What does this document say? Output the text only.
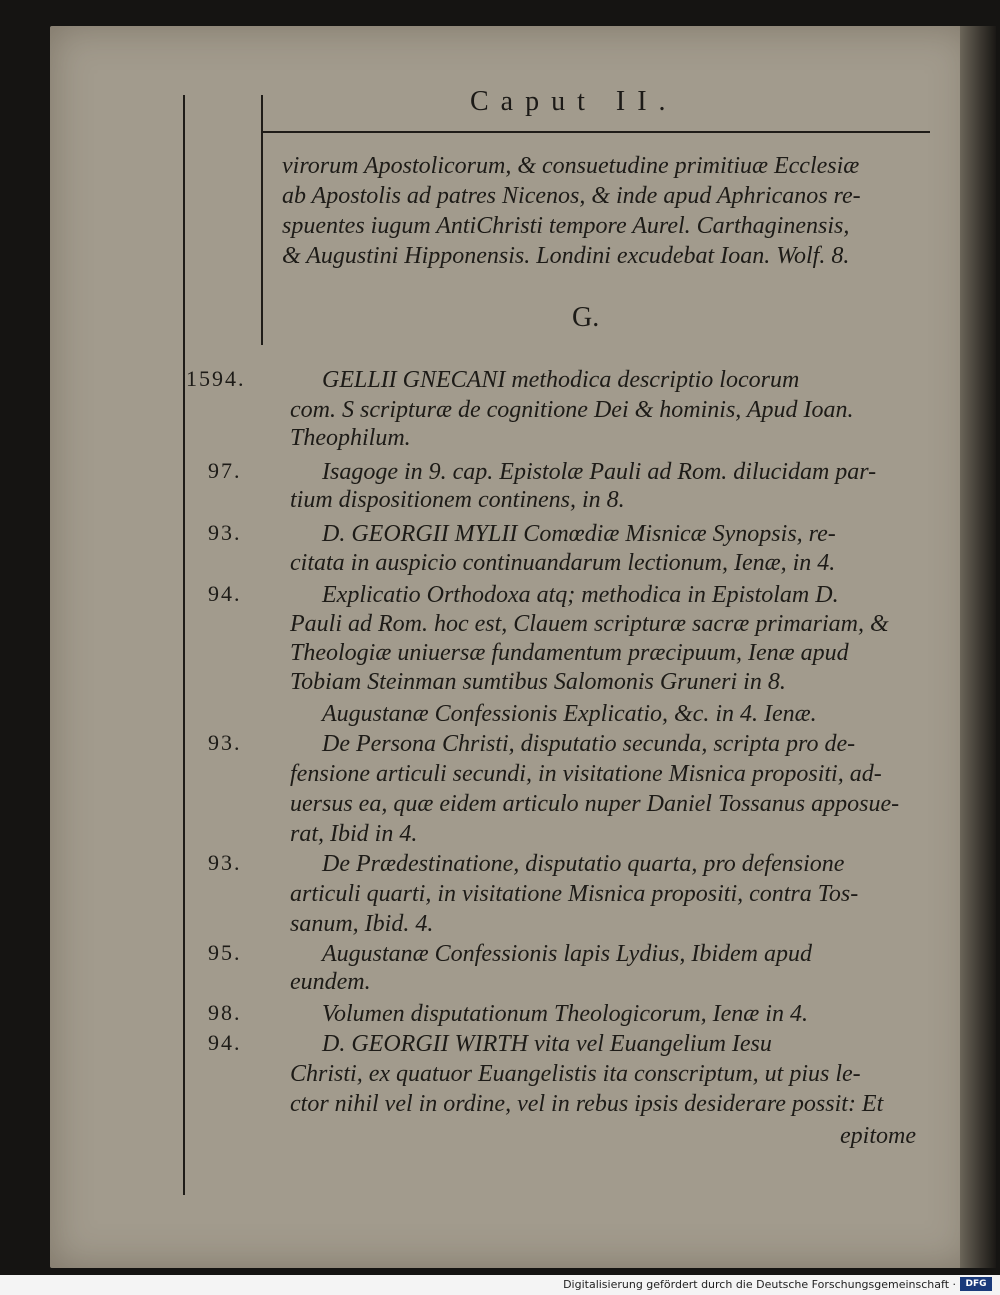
Caput II.
virorum Apostolicorum, & consuetudine primitiuæ Ecclesiæ
ab Apostolis ad patres Nicenos, & inde apud Aphricanos re-
spuentes iugum AntiChristi tempore Aurel. Carthaginensis,
& Augustini Hipponensis. Londini excudebat Ioan. Wolf. 8.
G.
1594.	GELLII GNECANI methodica descriptio locorum
com. S scripturæ de cognitione Dei & hominis, Apud Ioan.
Theophilum.
97.	Isagoge in 9. cap. Epistolæ Pauli ad Rom. dilucidam par-
tium dispositionem continens, in 8.
93.	D. GEORGII MYLII Comœdiæ Misnicæ Synopsis, re-
citata in auspicio continuandarum lectionum, Ienæ, in 4.
94.	Explicatio Orthodoxa atq; methodica in Epistolam D.
Pauli ad Rom. hoc est, Clauem scripturæ sacræ primariam, &
Theologiæ uniuersæ fundamentum præcipuum, Ienæ apud
Tobiam Steinman sumtibus Salomonis Gruneri in 8.
Augustanæ Confessionis Explicatio, &c. in 4. Ienæ.
93.	De Persona Christi, disputatio secunda, scripta pro de-
fensione articuli secundi, in visitatione Misnica propositi, ad-
uersus ea, quæ eidem articulo nuper Daniel Tossanus apposue-
rat, Ibid in 4.
93.	De Prædestinatione, disputatio quarta, pro defensione
articuli quarti, in visitatione Misnica propositi, contra Tos-
sanum, Ibid. 4.
95.	Augustanæ Confessionis lapis Lydius, Ibidem apud
eundem.
98.	Volumen disputationum Theologicorum, Ienæ in 4.
94.	D. GEORGII WIRTH vita vel Euangelium Iesu
Christi, ex quatuor Euangelistis ita conscriptum, ut pius le-
ctor nihil vel in ordine, vel in rebus ipsis desiderare possit: Et
epitome
Digitalisierung gefördert durch die Deutsche Forschungsgemeinschaft ·	DFG
